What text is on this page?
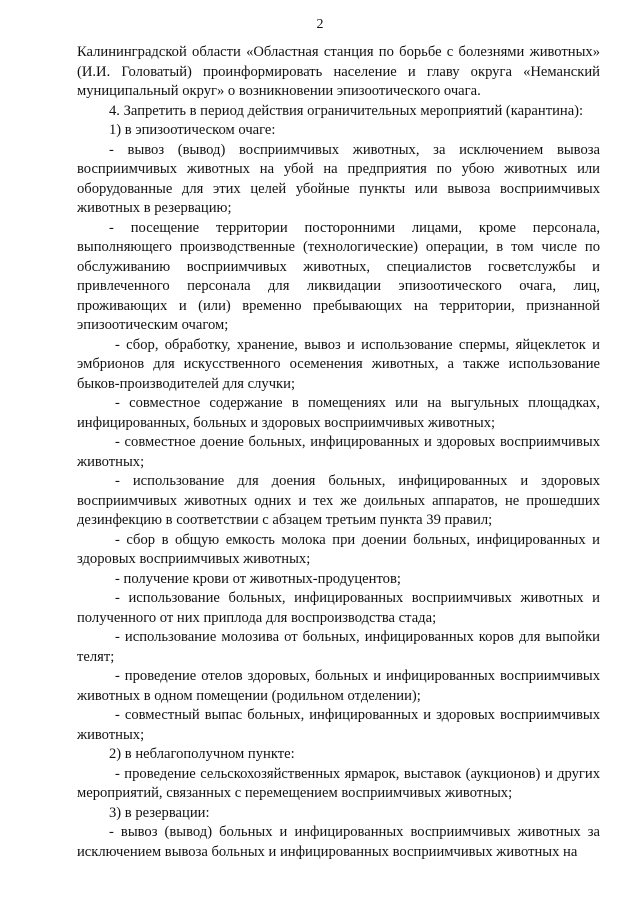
2

Калининградской области «Областная станция по борьбе с болезнями животных» (И.И. Головатый) проинформировать население и главу округа «Неманский муниципальный округ» о возникновении эпизоотического очага.

4. Запретить в период действия ограничительных мероприятий (карантина):

1) в эпизоотическом очаге:

- вывоз (вывод) восприимчивых животных, за исключением вывоза восприимчивых животных на убой на предприятия по убою животных или оборудованные для этих целей убойные пункты или вывоза восприимчивых животных в резервацию;

- посещение территории посторонними лицами, кроме персонала, выполняющего производственные (технологические) операции, в том числе по обслуживанию восприимчивых животных, специалистов госветслужбы и привлеченного персонала для ликвидации эпизоотического очага, лиц, проживающих и (или) временно пребывающих на территории, признанной эпизоотическим очагом;

- сбор, обработку, хранение, вывоз и использование спермы, яйцеклеток и эмбрионов для искусственного осеменения животных, а также использование быков-производителей для случки;

- совместное содержание в помещениях или на выгульных площадках, инфицированных, больных и здоровых восприимчивых животных;

- совместное доение больных, инфицированных и здоровых восприимчивых животных;

- использование для доения больных, инфицированных и здоровых восприимчивых животных одних и тех же доильных аппаратов, не прошедших дезинфекцию в соответствии с абзацем третьим пункта 39 правил;

- сбор в общую емкость молока при доении больных, инфицированных и здоровых восприимчивых животных;

- получение крови от животных-продуцентов;

- использование больных, инфицированных восприимчивых животных и полученного от них приплода для воспроизводства стада;

- использование молозива от больных, инфицированных коров для выпойки телят;

- проведение отелов здоровых, больных и инфицированных восприимчивых животных в одном помещении (родильном отделении);

- совместный выпас больных, инфицированных и здоровых восприимчивых животных;

2) в неблагополучном пункте:

- проведение сельскохозяйственных ярмарок, выставок (аукционов) и других мероприятий, связанных с перемещением восприимчивых животных;

3) в резервации:

- вывоз (вывод) больных и инфицированных восприимчивых животных за исключением вывоза больных и инфицированных восприимчивых животных на
